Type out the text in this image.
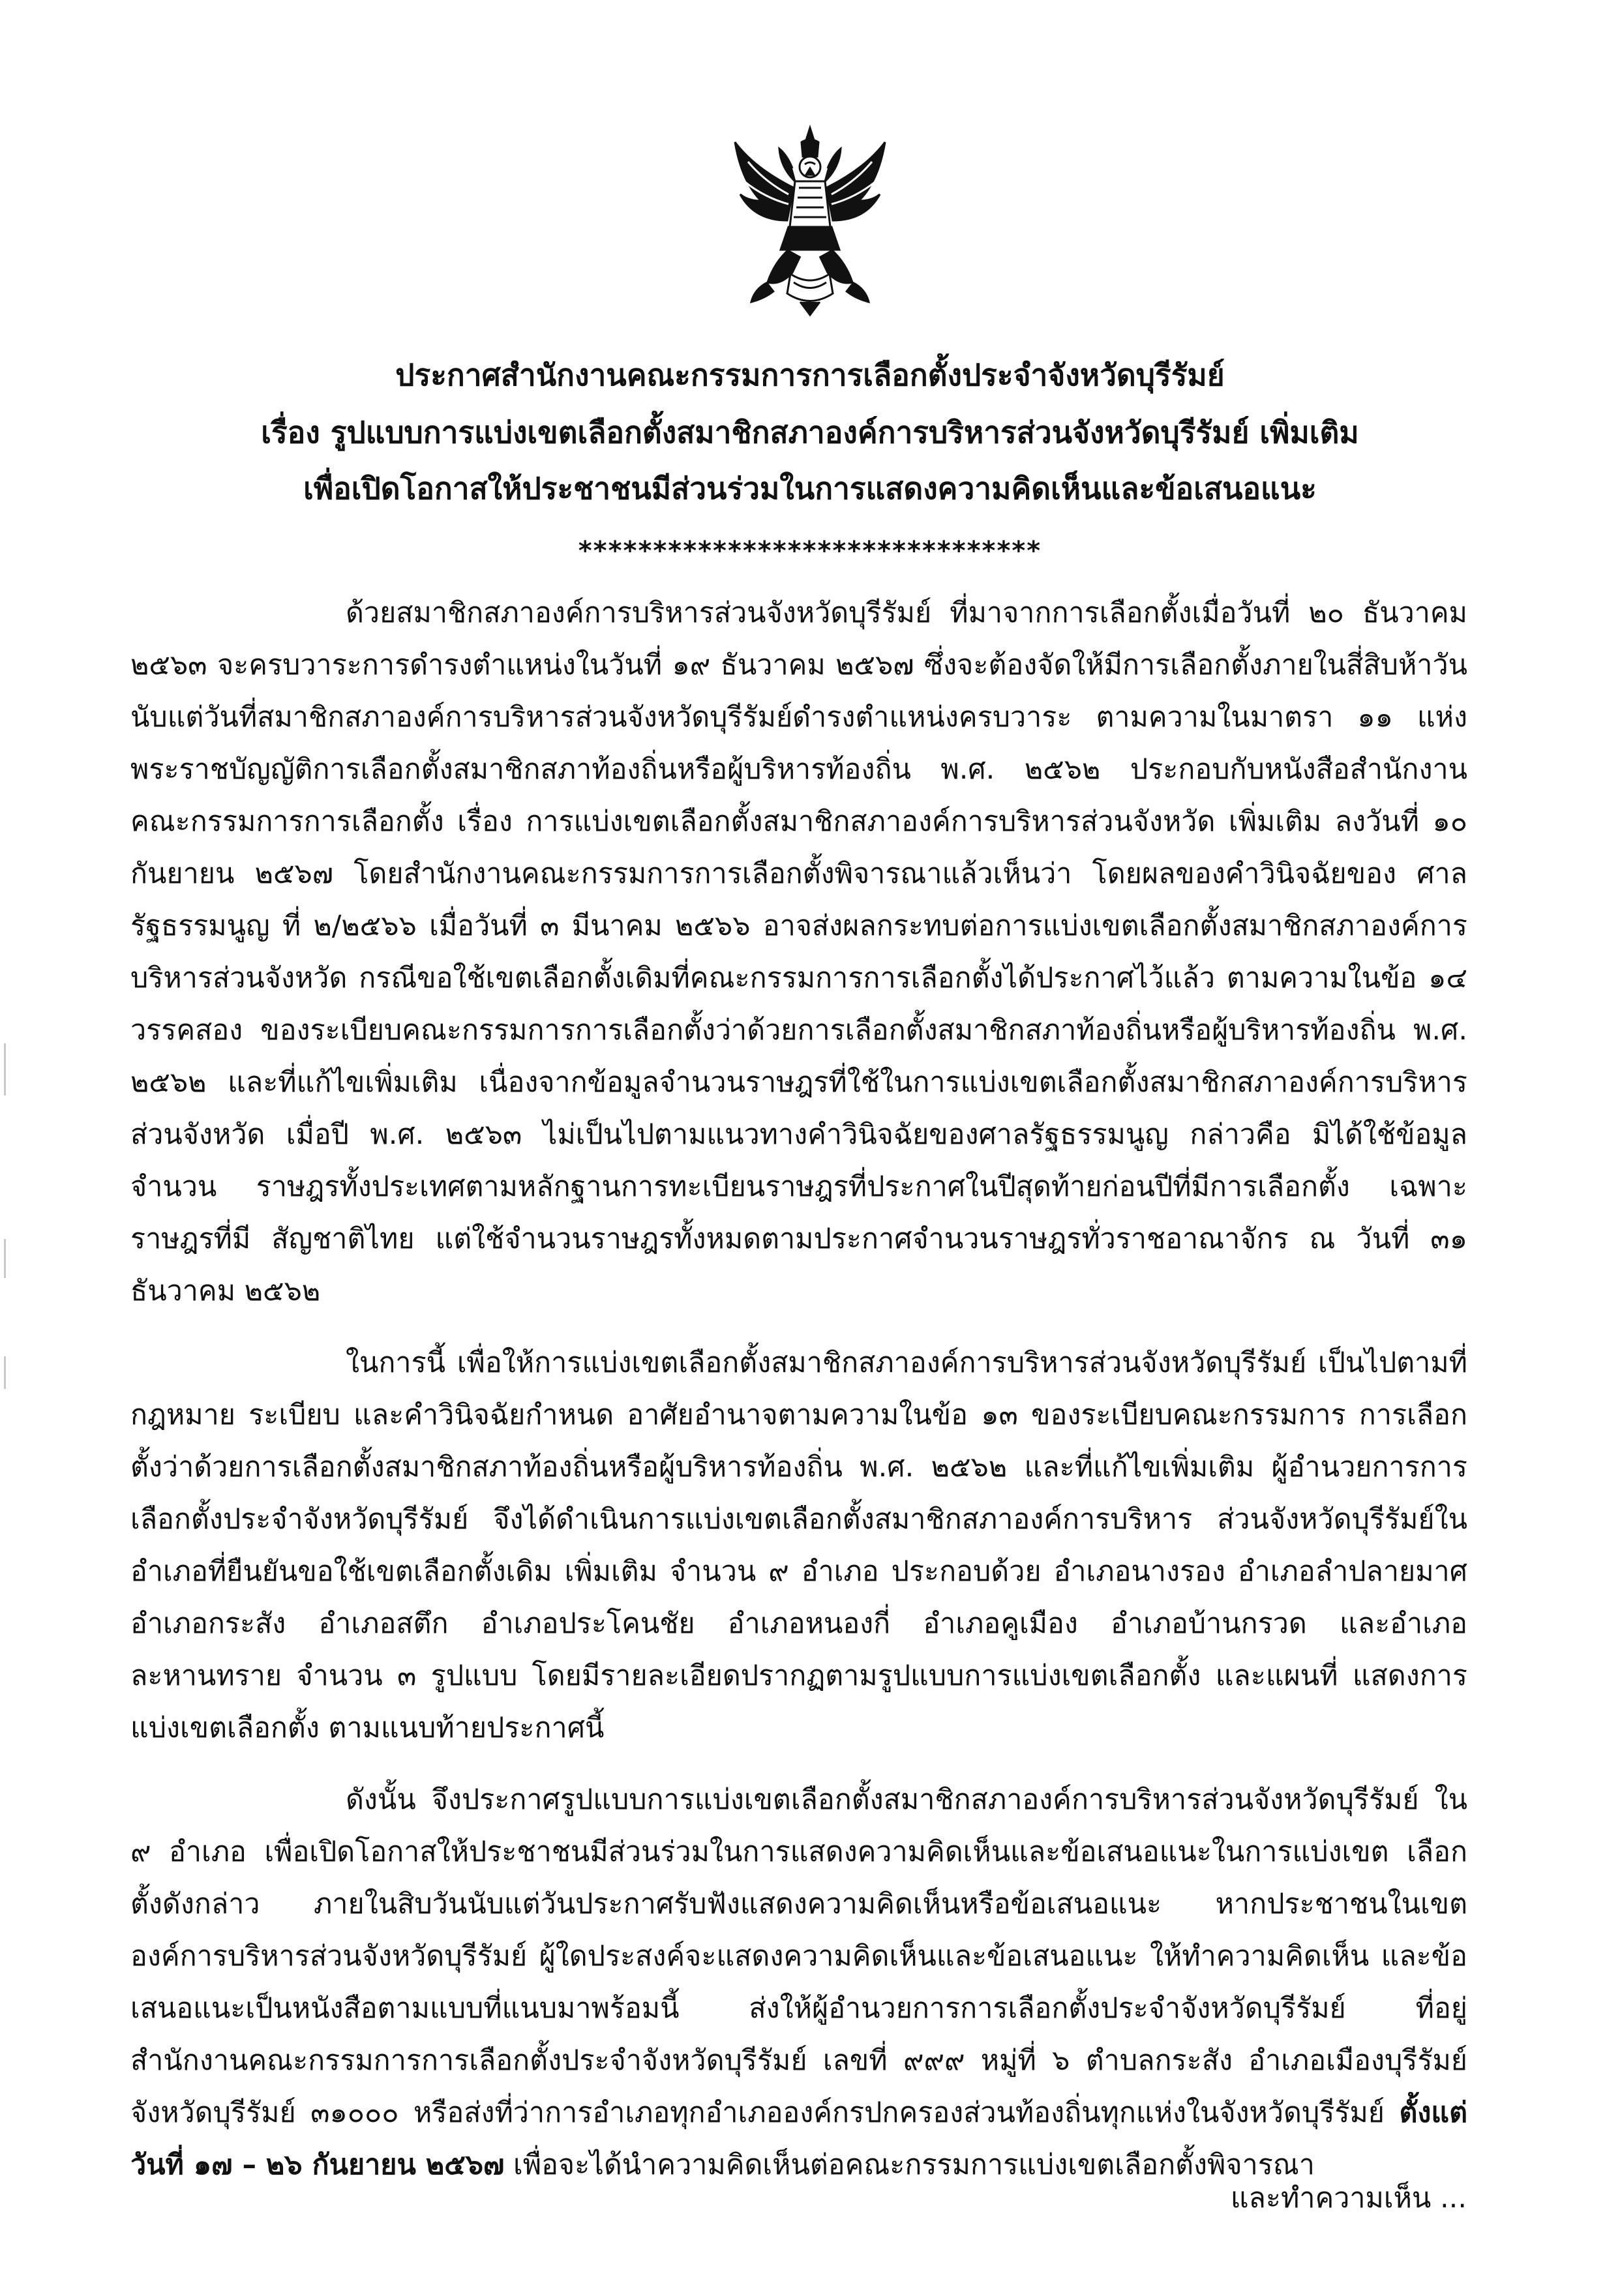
ประกาศสำนักงานคณะกรรมการการเลือกตั้งประจำจังหวัดบุรีรัมย์
เรื่อง รูปแบบการแบ่งเขตเลือกตั้งสมาชิกสภาองค์การบริหารส่วนจังหวัดบุรีรัมย์ เพิ่มเติม
เพื่อเปิดโอกาสให้ประชาชนมีส่วนร่วมในการแสดงความคิดเห็นและข้อเสนอแนะ
*******************************

ด้วยสมาชิกสภาองค์การบริหารส่วนจังหวัดบุรีรัมย์ ที่มาจากการเลือกตั้งเมื่อวันที่ ๒๐ ธันวาคม ๒๕๖๓ จะครบวาระการดำรงตำแหน่งในวันที่ ๑๙ ธันวาคม ๒๕๖๗ ซึ่งจะต้องจัดให้มีการเลือกตั้งภายในสี่สิบห้าวัน นับแต่วันที่สมาชิกสภาองค์การบริหารส่วนจังหวัดบุรีรัมย์ดำรงตำแหน่งครบวาระ ตามความในมาตรา ๑๑ แห่งพระราชบัญญัติการเลือกตั้งสมาชิกสภาท้องถิ่นหรือผู้บริหารท้องถิ่น พ.ศ. ๒๕๖๒ ประกอบกับหนังสือสำนักงาน คณะกรรมการการเลือกตั้ง เรื่อง การแบ่งเขตเลือกตั้งสมาชิกสภาองค์การบริหารส่วนจังหวัด เพิ่มเติม ลงวันที่ ๑๐ กันยายน ๒๕๖๗ โดยสำนักงานคณะกรรมการการเลือกตั้งพิจารณาแล้วเห็นว่า โดยผลของคำวินิจฉัยของ ศาลรัฐธรรมนูญ ที่ ๒/๒๕๖๖ เมื่อวันที่ ๓ มีนาคม ๒๕๖๖ อาจส่งผลกระทบต่อการแบ่งเขตเลือกตั้งสมาชิกสภาองค์การ บริหารส่วนจังหวัด กรณีขอใช้เขตเลือกตั้งเดิมที่คณะกรรมการการเลือกตั้งได้ประกาศไว้แล้ว ตามความในข้อ ๑๔ วรรคสอง ของระเบียบคณะกรรมการการเลือกตั้งว่าด้วยการเลือกตั้งสมาชิกสภาท้องถิ่นหรือผู้บริหารท้องถิ่น พ.ศ. ๒๕๖๒ และที่แก้ไขเพิ่มเติม เนื่องจากข้อมูลจำนวนราษฎรที่ใช้ในการแบ่งเขตเลือกตั้งสมาชิกสภาองค์การบริหาร ส่วนจังหวัด เมื่อปี พ.ศ. ๒๕๖๓ ไม่เป็นไปตามแนวทางคำวินิจฉัยของศาลรัฐธรรมนูญ กล่าวคือ มิได้ใช้ข้อมูลจำนวน ราษฎรทั้งประเทศตามหลักฐานการทะเบียนราษฎรที่ประกาศในปีสุดท้ายก่อนปีที่มีการเลือกตั้ง เฉพาะราษฎรที่มี สัญชาติไทย แต่ใช้จำนวนราษฎรทั้งหมดตามประกาศจำนวนราษฎรทั่วราชอาณาจักร ณ วันที่ ๓๑ ธันวาคม ๒๕๖๒

ในการนี้ เพื่อให้การแบ่งเขตเลือกตั้งสมาชิกสภาองค์การบริหารส่วนจังหวัดบุรีรัมย์ เป็นไปตามที่ กฎหมาย ระเบียบ และคำวินิจฉัยกำหนด อาศัยอำนาจตามความในข้อ ๑๓ ของระเบียบคณะกรรมการ การเลือกตั้งว่าด้วยการเลือกตั้งสมาชิกสภาท้องถิ่นหรือผู้บริหารท้องถิ่น พ.ศ. ๒๕๖๒ และที่แก้ไขเพิ่มเติม ผู้อำนวยการการเลือกตั้งประจำจังหวัดบุรีรัมย์ จึงได้ดำเนินการแบ่งเขตเลือกตั้งสมาชิกสภาองค์การบริหาร ส่วนจังหวัดบุรีรัมย์ในอำเภอที่ยืนยันขอใช้เขตเลือกตั้งเดิม เพิ่มเติม จำนวน ๙ อำเภอ ประกอบด้วย อำเภอนางรอง อำเภอลำปลายมาศ อำเภอกระสัง อำเภอสตึก อำเภอประโคนชัย อำเภอหนองกี่ อำเภอคูเมือง อำเภอบ้านกรวด และอำเภอละหานทราย จำนวน ๓ รูปแบบ โดยมีรายละเอียดปรากฏตามรูปแบบการแบ่งเขตเลือกตั้ง และแผนที่ แสดงการแบ่งเขตเลือกตั้ง ตามแนบท้ายประกาศนี้

ดังนั้น จึงประกาศรูปแบบการแบ่งเขตเลือกตั้งสมาชิกสภาองค์การบริหารส่วนจังหวัดบุรีรัมย์ ใน ๙ อำเภอ เพื่อเปิดโอกาสให้ประชาชนมีส่วนร่วมในการแสดงความคิดเห็นและข้อเสนอแนะในการแบ่งเขต เลือกตั้งดังกล่าว ภายในสิบวันนับแต่วันประกาศรับฟังแสดงความคิดเห็นหรือข้อเสนอแนะ หากประชาชนในเขต องค์การบริหารส่วนจังหวัดบุรีรัมย์ ผู้ใดประสงค์จะแสดงความคิดเห็นและข้อเสนอแนะ ให้ทำความคิดเห็น และข้อเสนอแนะเป็นหนังสือตามแบบที่แนบมาพร้อมนี้ ส่งให้ผู้อำนวยการการเลือกตั้งประจำจังหวัดบุรีรัมย์ ที่อยู่ สำนักงานคณะกรรมการการเลือกตั้งประจำจังหวัดบุรีรัมย์ เลขที่ ๙๙๙ หมู่ที่ ๖ ตำบลกระสัง อำเภอเมืองบุรีรัมย์ จังหวัดบุรีรัมย์ ๓๑๐๐๐ หรือส่งที่ว่าการอำเภอทุกอำเภอองค์กรปกครองส่วนท้องถิ่นทุกแห่งในจังหวัดบุรีรัมย์ ตั้งแต่วันที่ ๑๗ – ๒๖ กันยายน ๒๕๖๗ เพื่อจะได้นำความคิดเห็นต่อคณะกรรมการแบ่งเขตเลือกตั้งพิจารณา

และทำความเห็น ...
